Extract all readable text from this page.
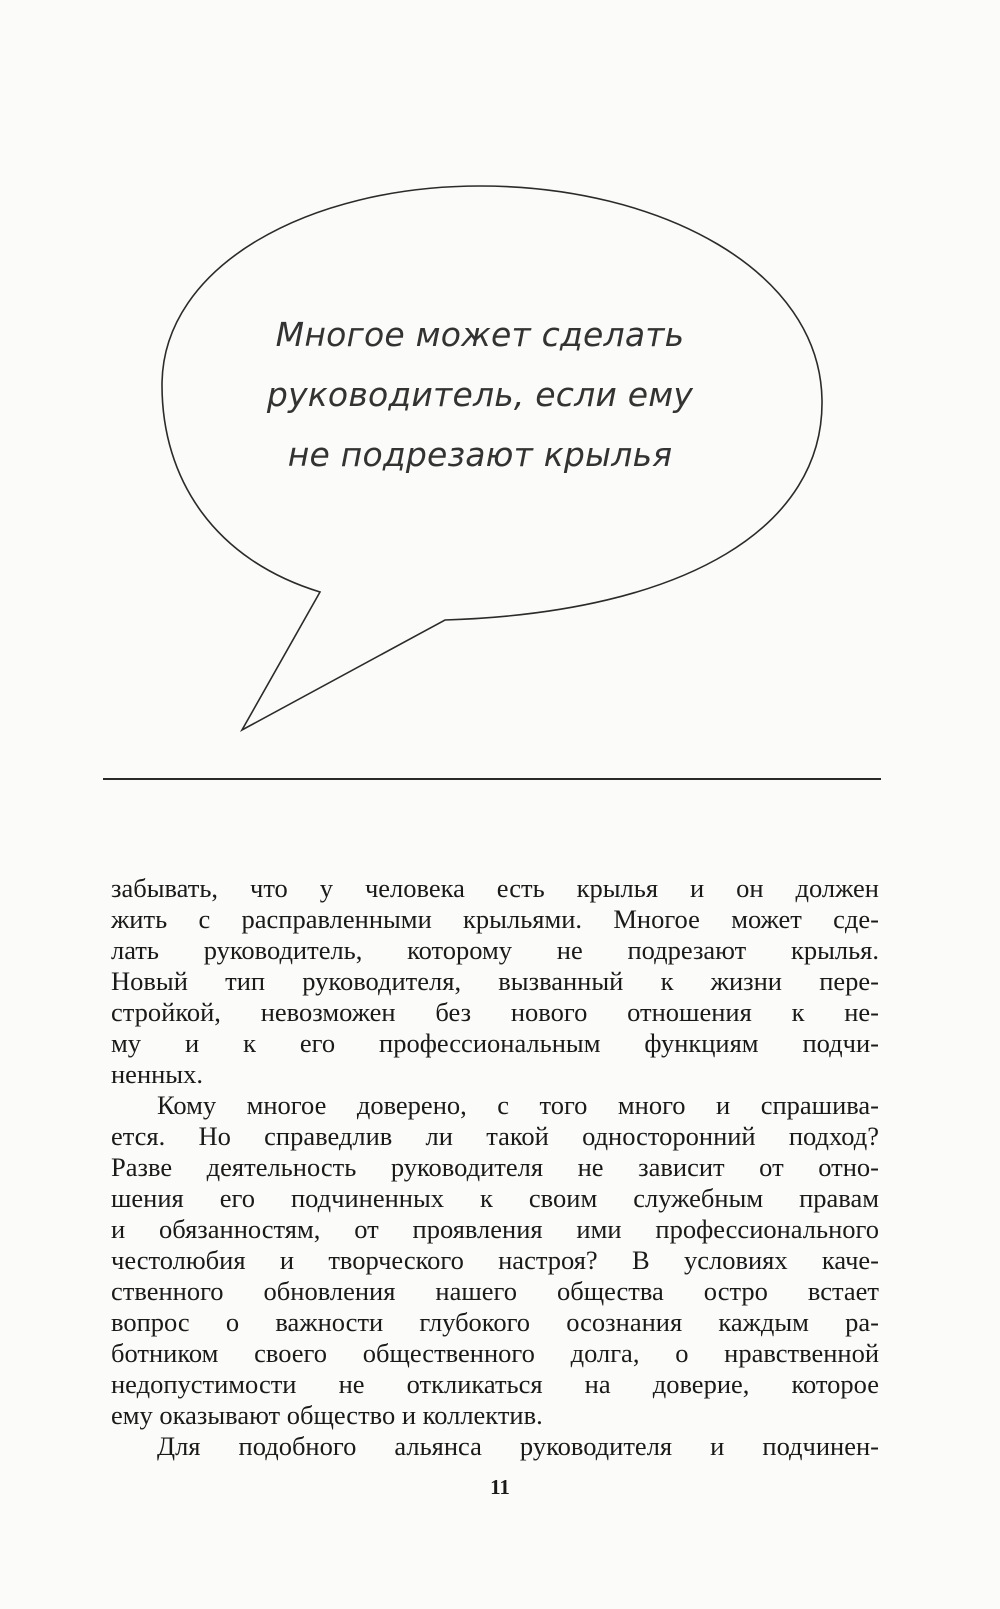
Многое может сделать
руководитель, если ему
не подрезают крылья
забывать, что у человека есть крылья и он должен
жить с расправленными крыльями. Многое может сде-
лать руководитель, которому не подрезают крылья.
Новый тип руководителя, вызванный к жизни пере-
стройкой, невозможен без нового отношения к не-
му и к его профессиональным функциям подчи-
ненных.
Кому многое доверено, с того много и спрашива-
ется. Но справедлив ли такой односторонний подход?
Разве деятельность руководителя не зависит от отно-
шения его подчиненных к своим служебным правам
и обязанностям, от проявления ими профессионального
честолюбия и творческого настроя? В условиях каче-
ственного обновления нашего общества остро встает
вопрос о важности глубокого осознания каждым ра-
ботником своего общественного долга, о нравственной
недопустимости не откликаться на доверие, которое
ему оказывают общество и коллектив.
Для подобного альянса руководителя и подчинен-
11
